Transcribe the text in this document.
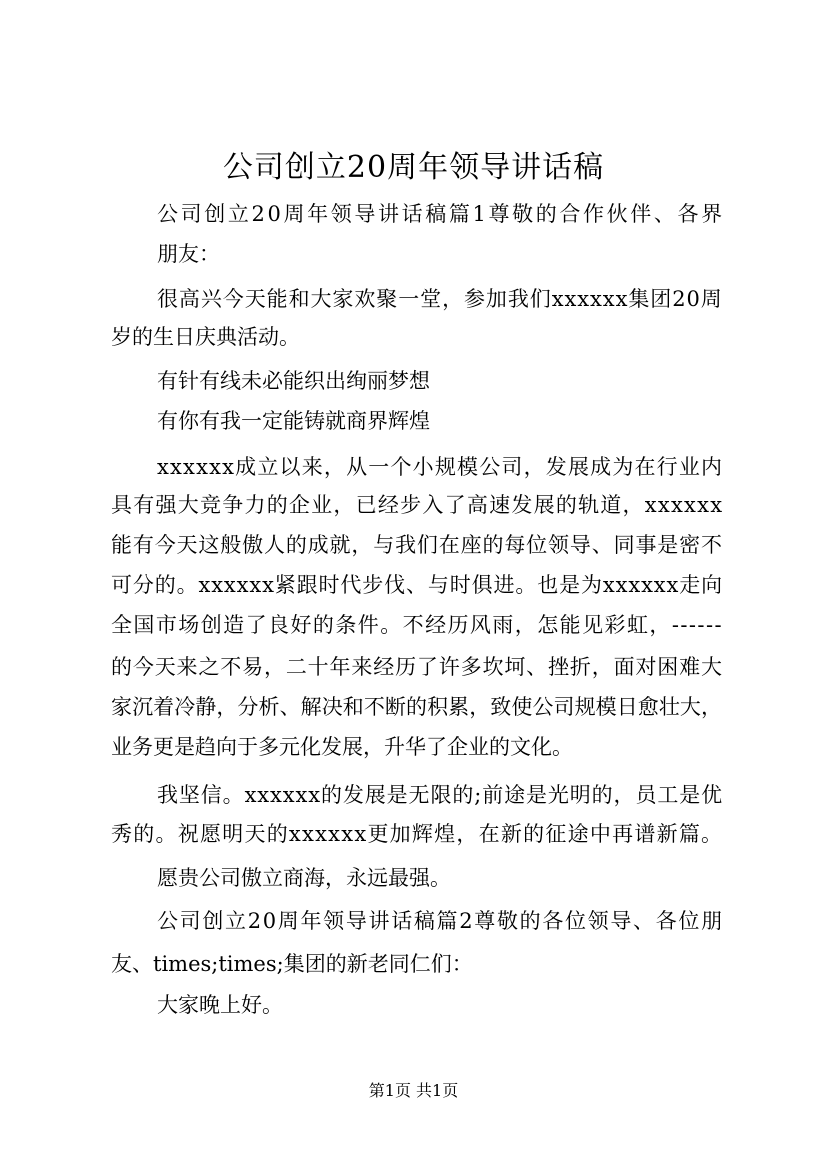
公司创立20周年领导讲话稿
公司创立20周年领导讲话稿篇1尊敬的合作伙伴、各界
朋友：
很高兴今天能和大家欢聚一堂，参加我们xxxxxx集团20周
岁的生日庆典活动。
有针有线未必能织出绚丽梦想
有你有我一定能铸就商界辉煌
xxxxxx成立以来，从一个小规模公司，发展成为在行业内
具有强大竞争力的企业，已经步入了高速发展的轨道，xxxxxx
能有今天这般傲人的成就，与我们在座的每位领导、同事是密不
可分的。xxxxxx紧跟时代步伐、与时俱进。也是为xxxxxx走向
全国市场创造了良好的条件。不经历风雨，怎能见彩虹，------
的今天来之不易，二十年来经历了许多坎坷、挫折，面对困难大
家沉着冷静，分析、解决和不断的积累，致使公司规模日愈壮大，
业务更是趋向于多元化发展，升华了企业的文化。
我坚信。xxxxxx的发展是无限的;前途是光明的，员工是优
秀的。祝愿明天的xxxxxx更加辉煌，在新的征途中再谱新篇。
愿贵公司傲立商海，永远最强。
公司创立20周年领导讲话稿篇2尊敬的各位领导、各位朋
友、times;times;集团的新老同仁们：
大家晚上好。
第1页 共1页
